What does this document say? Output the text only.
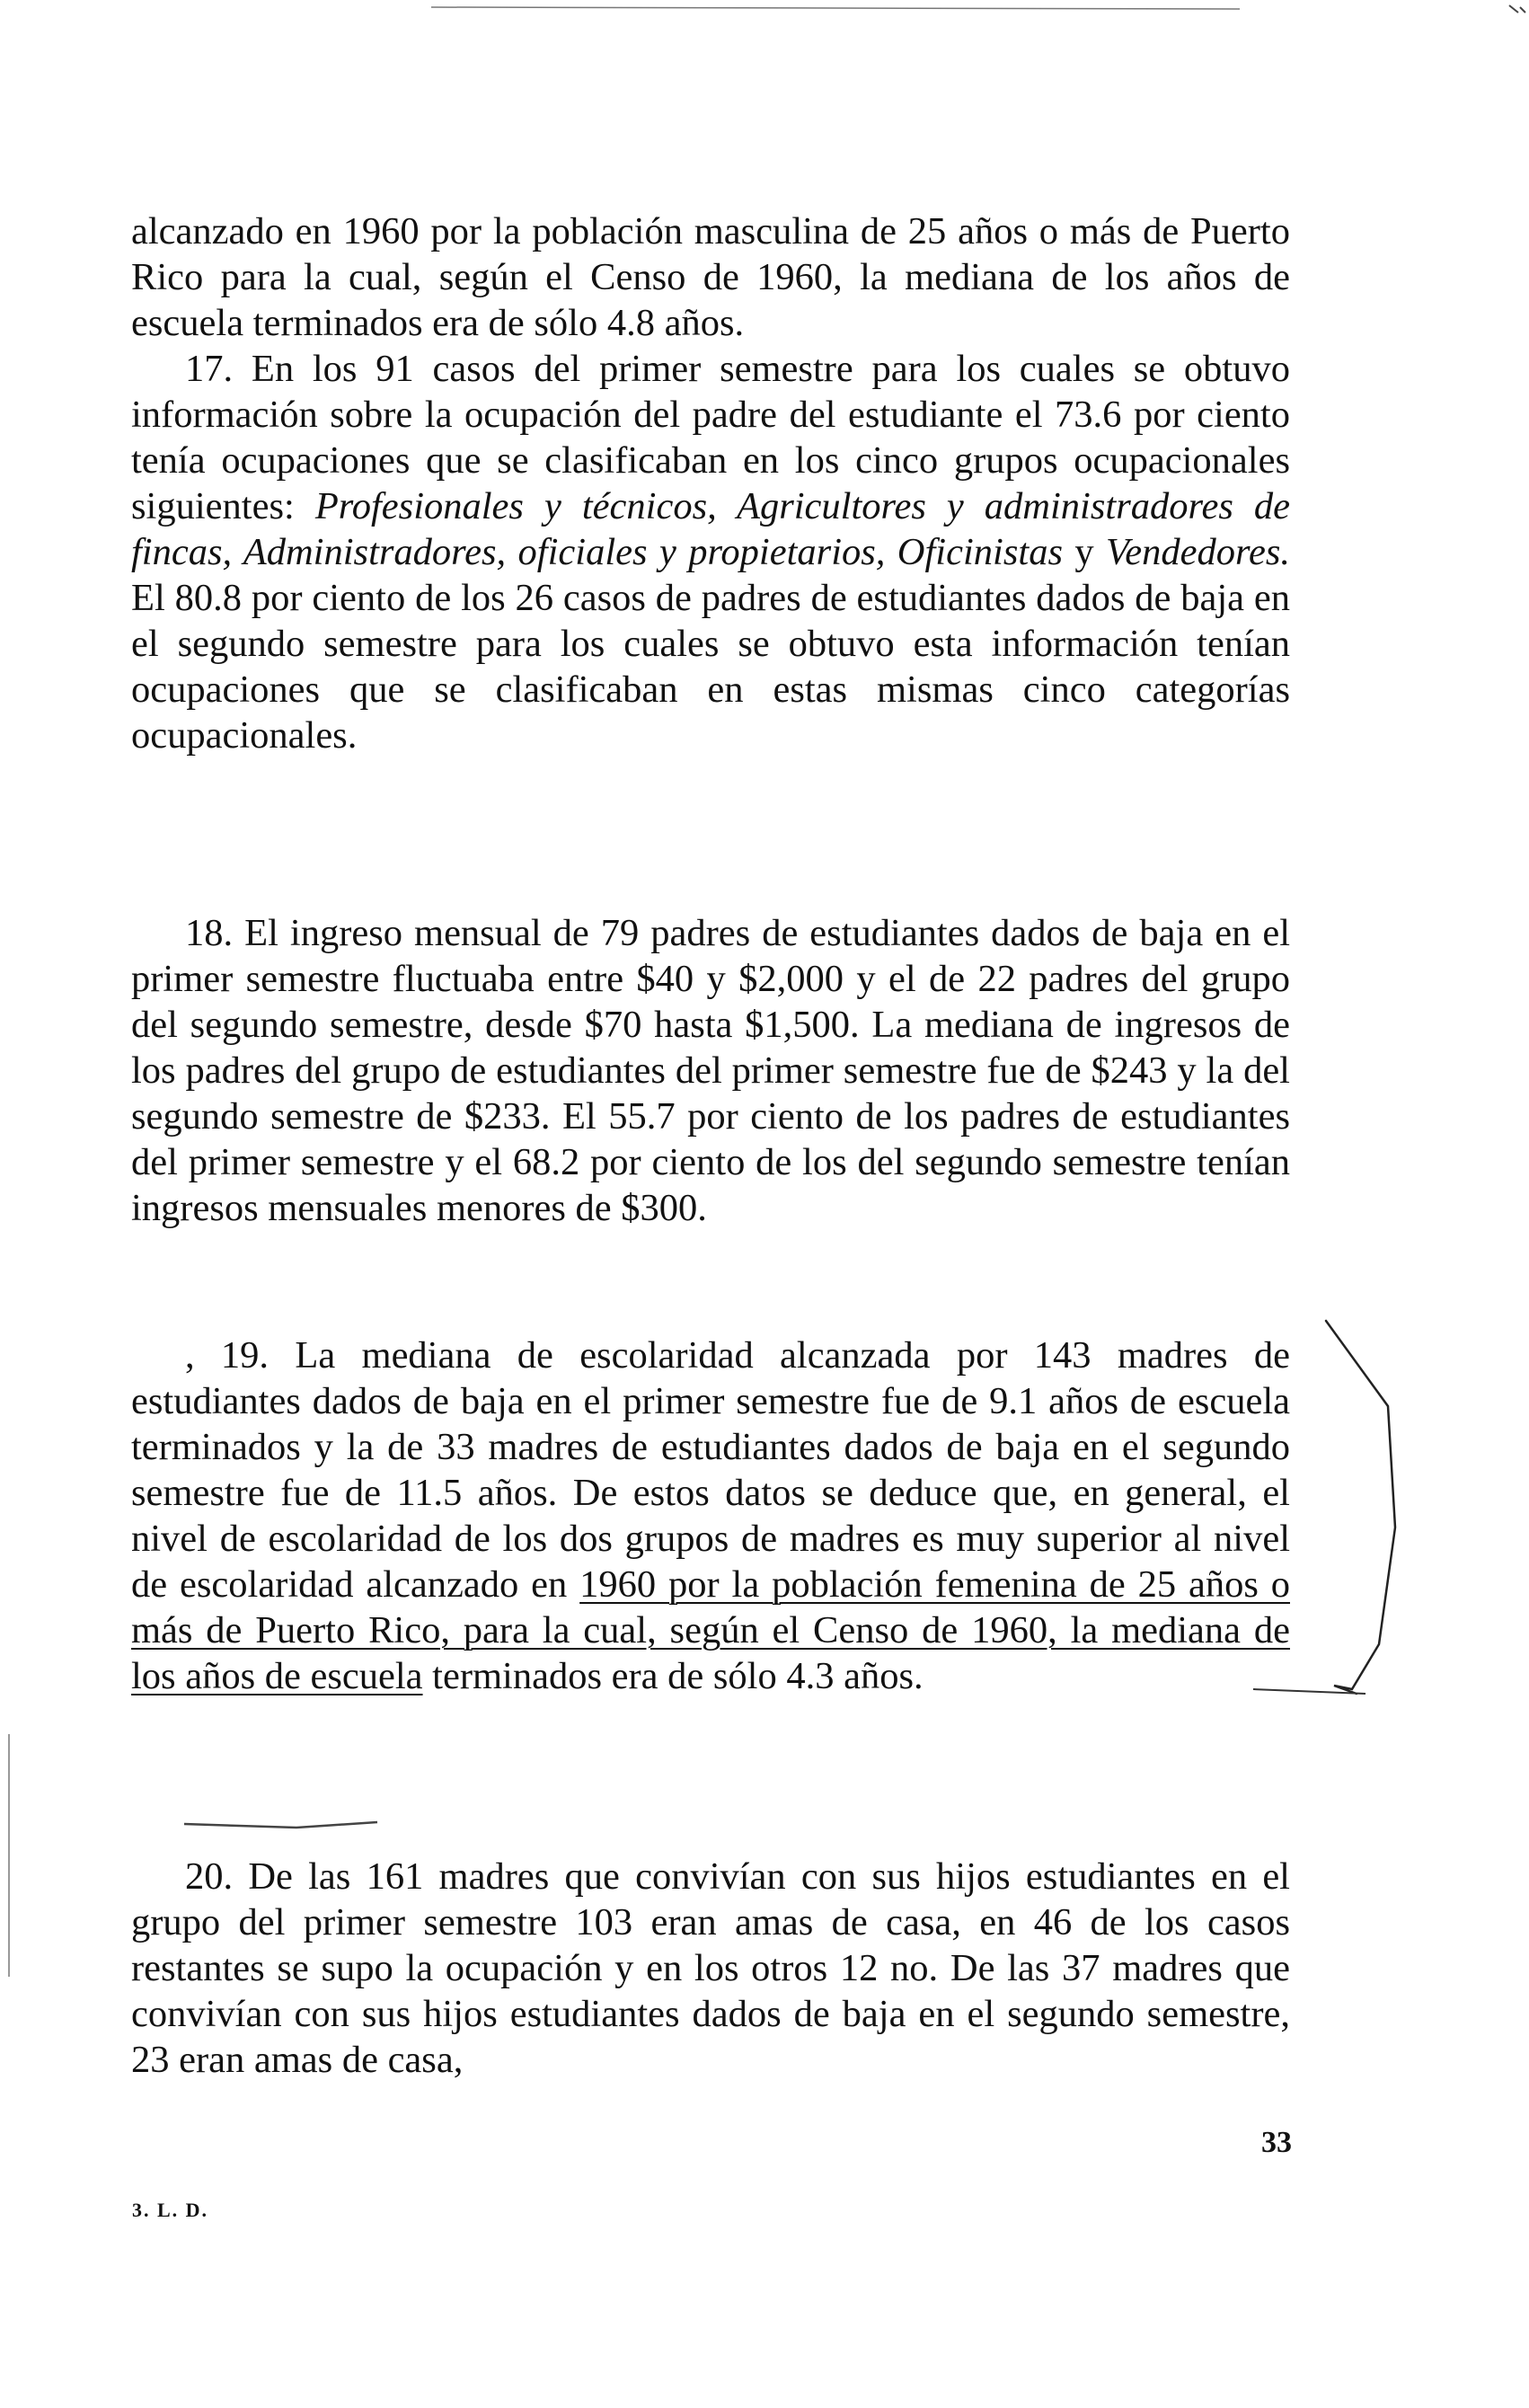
alcanzado en 1960 por la población masculina de 25 años o más de Puerto Rico para la cual, según el Censo de 1960, la mediana de los años de escuela terminados era de sólo 4.8 años.

17. En los 91 casos del primer semestre para los cuales se obtuvo información sobre la ocupación del padre del estudiante el 73.6 por ciento tenía ocupaciones que se clasificaban en los cinco grupos ocupacionales siguientes: Profesionales y técnicos, Agricultores y administradores de fincas, Administradores, oficiales y propietarios, Oficinistas y Vendedores. El 80.8 por ciento de los 26 casos de padres de estudiantes dados de baja en el segundo semestre para los cuales se obtuvo esta información tenían ocupaciones que se clasificaban en estas mismas cinco categorías ocupacionales.

18. El ingreso mensual de 79 padres de estudiantes dados de baja en el primer semestre fluctuaba entre $40 y $2,000 y el de 22 padres del grupo del segundo semestre, desde $70 hasta $1,500. La mediana de ingresos de los padres del grupo de estudiantes del primer semestre fue de $243 y la del segundo semestre de $233. El 55.7 por ciento de los padres de estudiantes del primer semestre y el 68.2 por ciento de los del segundo semestre tenían ingresos mensuales menores de $300.

, 19. La mediana de escolaridad alcanzada por 143 madres de estudiantes dados de baja en el primer semestre fue de 9.1 años de escuela terminados y la de 33 madres de estudiantes dados de baja en el segundo semestre fue de 11.5 años. De estos datos se deduce que, en general, el nivel de escolaridad de los dos grupos de madres es muy superior al nivel de escolaridad alcanzado en 1960 por la población femenina de 25 años o más de Puerto Rico, para la cual, según el Censo de 1960, la mediana de los años de escuela terminados era de sólo 4.3 años.

20. De las 161 madres que convivían con sus hijos estudiantes en el grupo del primer semestre 103 eran amas de casa, en 46 de los casos restantes se supo la ocupación y en los otros 12 no. De las 37 madres que convivían con sus hijos estudiantes dados de baja en el segundo semestre, 23 eran amas de casa,

33
3. L. D.
